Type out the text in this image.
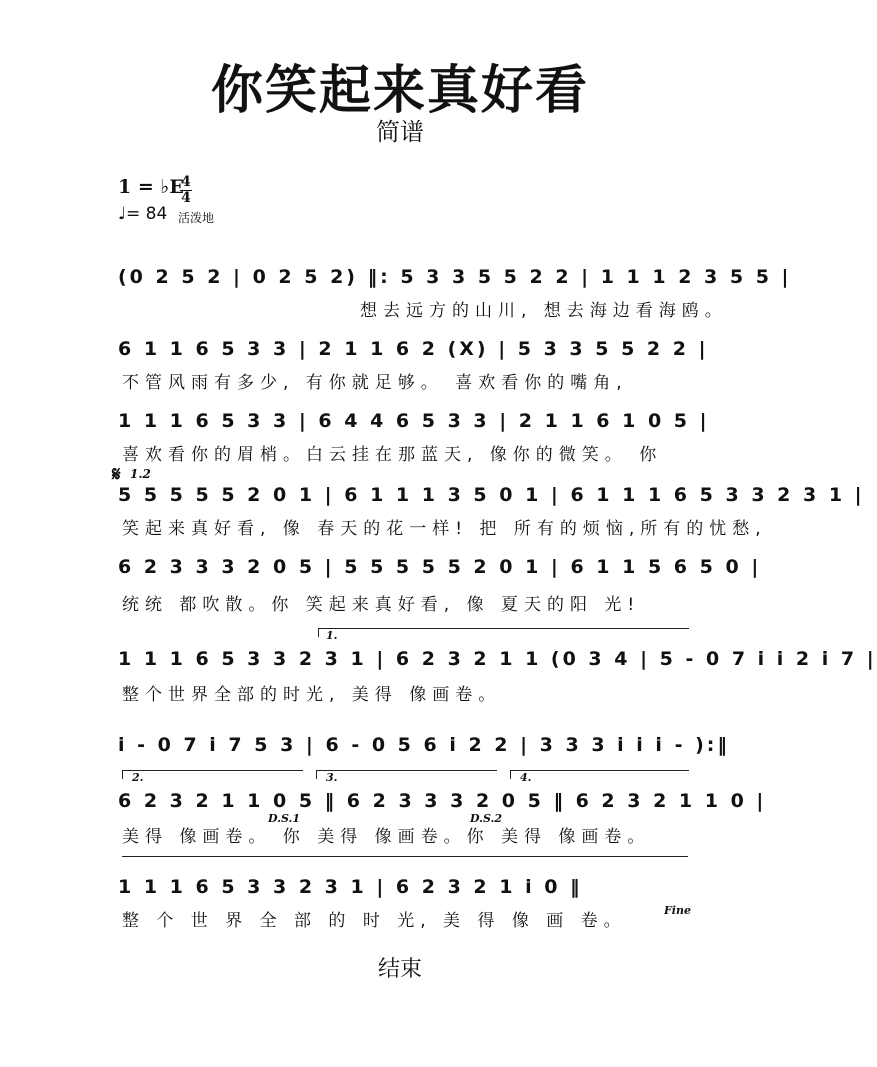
你笑起来真好看
简谱
1 = ♭E
4
4
♩= 84 活泼地
(0 2 5 2 | 0 2 5 2) ‖: 5 3 3 5 5 2 2 | 1 1 1 2 3 5 5 |
想去远方的山川, 想去海边看海鸥。
6 1 1 6 5 3 3 | 2 1 1 6 2 (X) | 5 3 3 5 5 2 2 |
不管风雨有多少, 有你就足够。 喜欢看你的嘴角,
1 1 1 6 5 3 3 | 6 4 4 6 5 3 3 | 2 1 1 6 1 0 5 |
喜欢看你的眉梢。白云挂在那蓝天, 像你的微笑。 你
𝄋 1.2
5 5 5 5 5 2 0 1 | 6 1 1 1 3 5 0 1 | 6 1 1 1 6 5 3 3 2 3 1 |
笑起来真好看, 像 春天的花一样! 把 所有的烦恼,所有的忧愁,
6 2 3 3 3 2 0 5 | 5 5 5 5 5 2 0 1 | 6 1 1 5 6 5 0 |
统统 都吹散。你 笑起来真好看, 像 夏天的阳 光!
1.
1 1 1 6 5 3 3 2 3 1 | 6 2 3 2 1 1 (0 3 4 | 5 - 0 7 i i 2 i 7 |
整个世界全部的时光, 美得 像画卷。
i - 0 7 i 7 5 3 | 6 - 0 5 6 i 2 2 | 3 3 3 i i i - ):‖
2.	3.	4.
6 2 3 2 1 1 0 5 ‖ 6 2 3 3 3 2 0 5 ‖ 6 2 3 2 1 1 0 |
D.S.1	D.S.2
美得 像画卷。 你 美得 像画卷。你 美得 像画卷。
1 1 1 6 5 3 3 2 3 1 | 6 2 3 2 1 i 0 ‖
整 个 世 界 全 部 的 时 光, 美 得 像 画 卷。
Fine
结束
